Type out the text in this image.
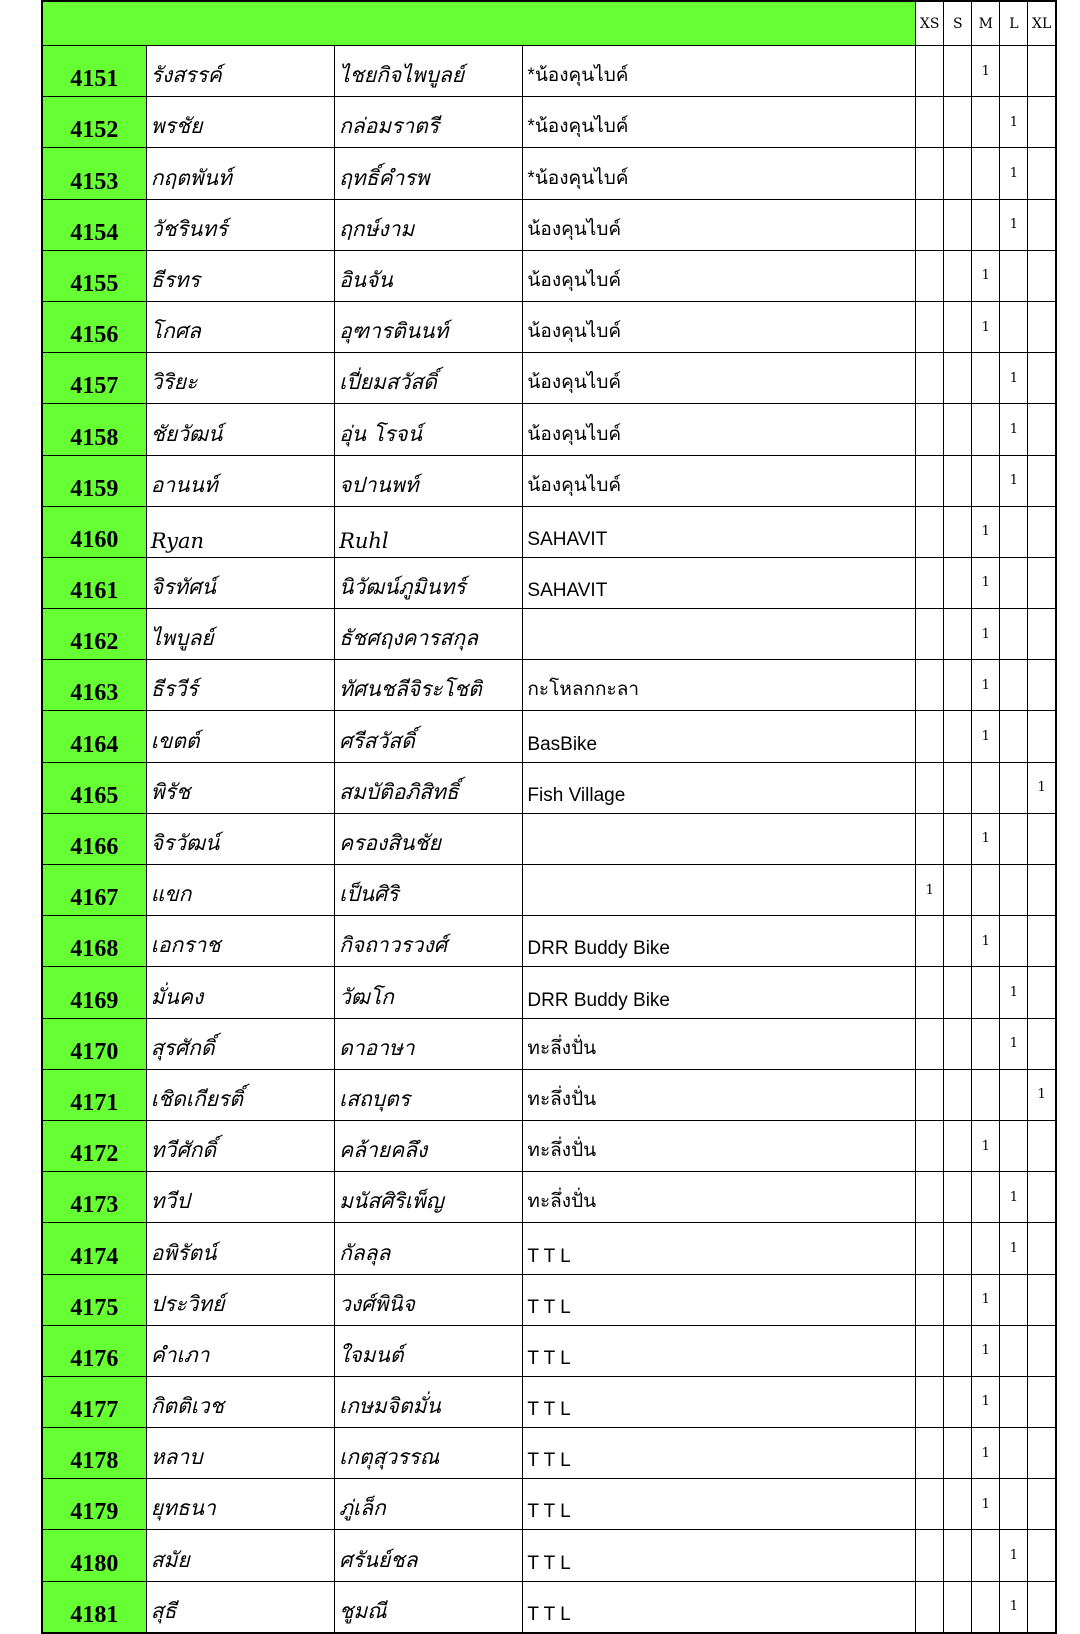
				XS	S	M	L	XL
4151	รังสรรค์	ไชยกิจไพบูลย์	*น้องคุนไบค์			1		
4152	พรชัย	กล่อมราตรี	*น้องคุนไบค์				1	
4153	กฤตพันท์	ฤทธิ์คำรพ	*น้องคุนไบค์				1	
4154	วัชรินทร์	ฤกษ์งาม	น้องคุนไบค์				1	
4155	ธีรทร	อินจัน	น้องคุนไบค์			1		
4156	โกศล	อุฑารตินนท์	น้องคุนไบค์			1		
4157	วิริยะ	เปี่ยมสวัสดิ์	น้องคุนไบค์				1	
4158	ชัยวัฒน์	อุ่น โรจน์	น้องคุนไบค์				1	
4159	อานนท์	จปานพท์	น้องคุนไบค์				1	
4160	Ryan	Ruhl	SAHAVIT			1		
4161	จิรทัศน์	นิวัฒน์ภูมินทร์	SAHAVIT			1		
4162	ไพบูลย์	ธัชศฤงคารสกุล				1		
4163	ธีรวีร์	ทัศนชลีจิระโชติ	กะโหลกกะลา			1		
4164	เขตต์	ศรีสวัสดิ์	BasBike			1		
4165	พิรัช	สมบัติอภิสิทธิ์	Fish Village					1
4166	จิรวัฒน์	ครองสินชัย				1		
4167	แขก	เป็นศิริ		1				
4168	เอกราช	กิจถาวรวงศ์	DRR Buddy Bike			1		
4169	มั่นคง	วัฒโก	DRR Buddy Bike				1	
4170	สุรศักดิ์	ดาอาษา	ทะลึ่งปั่น				1	
4171	เชิดเกียรติ์	เสถบุตร	ทะลึ่งปั่น					1
4172	ทวีศักดิ์	คล้ายคลึง	ทะลึ่งปั่น			1		
4173	ทวีป	มนัสศิริเพ็ญ	ทะลึ่งปั่น				1	
4174	อพิรัตน์	กัลลุล	T T L				1	
4175	ประวิทย์	วงศ์พินิจ	T T L			1		
4176	คำเภา	ใจมนต์	T T L			1		
4177	กิตติเวช	เกษมจิตมั่น	T T L			1		
4178	หลาบ	เกตุสุวรรณ	T T L			1		
4179	ยุทธนา	ภู่เล็ก	T T L			1		
4180	สมัย	ศรันย์ชล	T T L				1	
4181	สุธี	ชูมณี	T T L				1	
